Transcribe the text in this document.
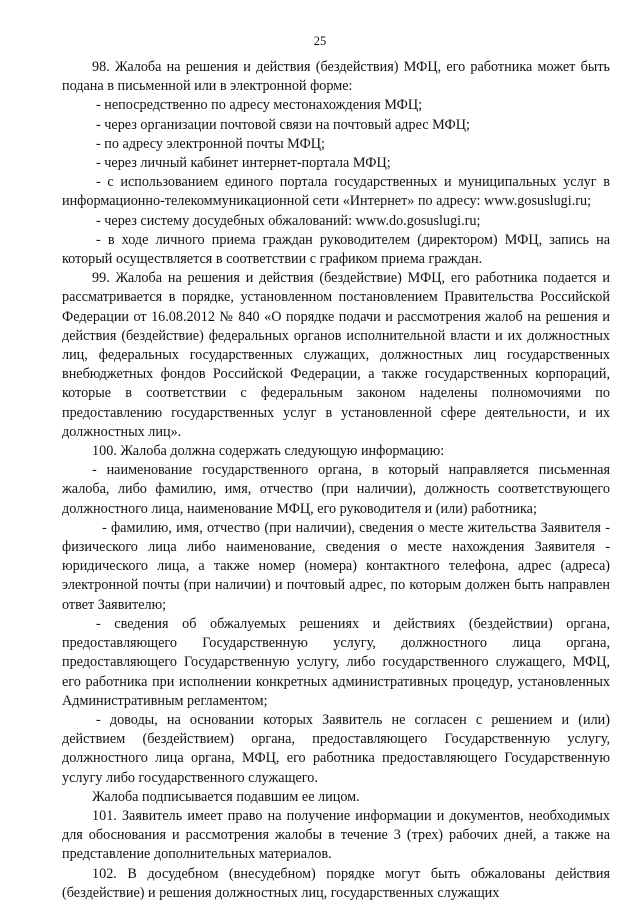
25

98. Жалоба на решения и действия (бездействия) МФЦ, его работника может быть подана в письменной или в электронной форме:

- непосредственно по адресу местонахождения МФЦ;

- через организации почтовой связи на почтовый адрес МФЦ;

- по адресу электронной почты МФЦ;

- через личный кабинет интернет-портала МФЦ;

- с использованием единого портала государственных и муниципальных услуг в информационно-телекоммуникационной сети «Интернет» по адресу: www.gosuslugi.ru;

- через систему досудебных обжалований: www.do.gosuslugi.ru;

- в ходе личного приема граждан руководителем (директором) МФЦ, запись на который осуществляется в соответствии с графиком приема граждан.

99. Жалоба на решения и действия (бездействие) МФЦ, его работника подается и рассматривается в порядке, установленном постановлением Правительства Российской Федерации от 16.08.2012 № 840 «О порядке подачи и рассмотрения жалоб на решения и действия (бездействие) федеральных органов исполнительной власти и их должностных лиц, федеральных государственных служащих, должностных лиц государственных внебюджетных фондов Российской Федерации, а также государственных корпораций, которые в соответствии с федеральным законом наделены полномочиями по предоставлению государственных услуг в установленной сфере деятельности, и их должностных лиц».

100. Жалоба должна содержать следующую информацию:

- наименование государственного органа, в который направляется письменная жалоба, либо фамилию, имя, отчество (при наличии), должность соответствующего должностного лица, наименование МФЦ, его руководителя и (или) работника;

- фамилию, имя, отчество (при наличии), сведения о месте жительства Заявителя - физического лица либо наименование, сведения о месте нахождения Заявителя - юридического лица, а также номер (номера) контактного телефона, адрес (адреса) электронной почты (при наличии) и почтовый адрес, по которым должен быть направлен ответ Заявителю;

- сведения об обжалуемых решениях и действиях (бездействии) органа, предоставляющего Государственную услугу, должностного лица органа, предоставляющего Государственную услугу, либо государственного служащего, МФЦ, его работника при исполнении конкретных административных процедур, установленных Административным регламентом;

- доводы, на основании которых Заявитель не согласен с решением и (или) действием (бездействием) органа, предоставляющего Государственную услугу, должностного лица органа, МФЦ, его работника предоставляющего Государственную услугу либо государственного служащего.

Жалоба подписывается подавшим ее лицом.

101. Заявитель имеет право на получение информации и документов, необходимых для обоснования и рассмотрения жалобы в течение 3 (трех) рабочих дней, а также на представление дополнительных материалов.

102. В досудебном (внесудебном) порядке могут быть обжалованы действия (бездействие) и решения должностных лиц, государственных служащих
